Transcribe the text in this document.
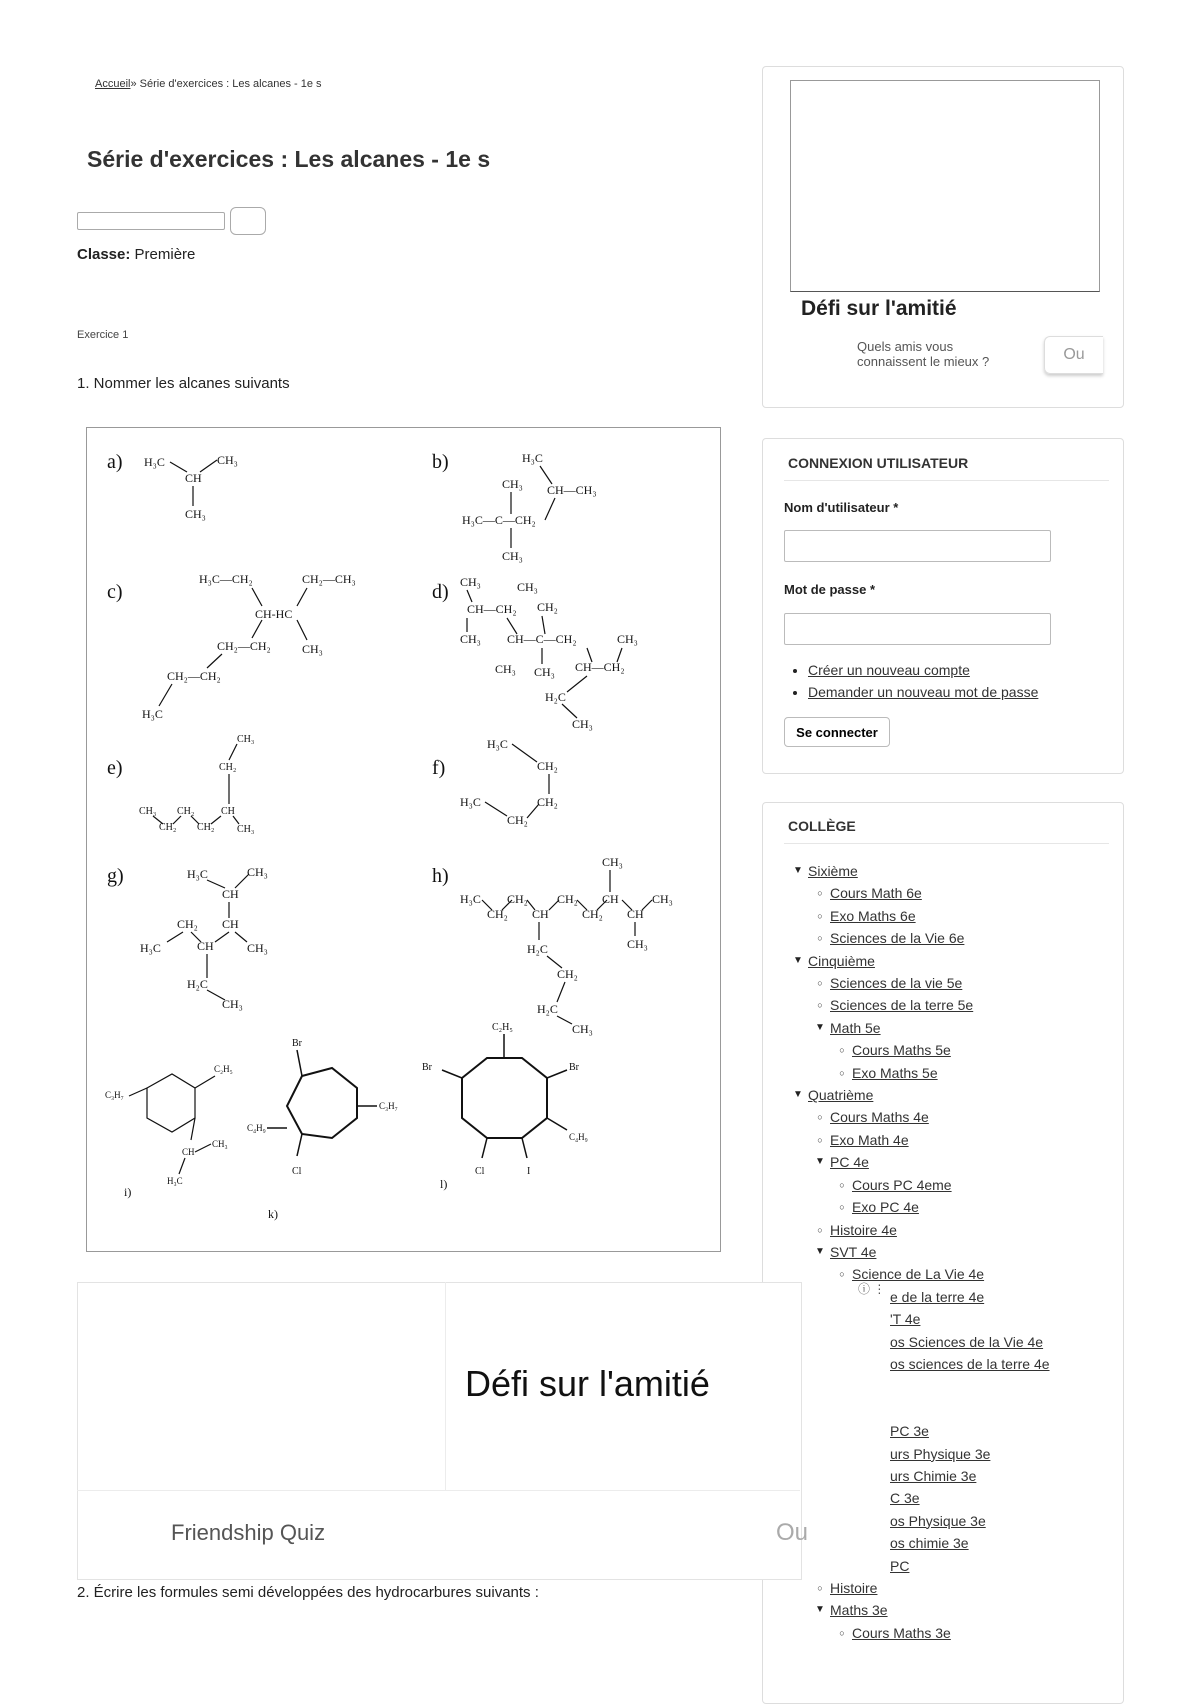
Accueil» Série d'exercices : Les alcanes - 1e s
Série d'exercices : Les alcanes - 1e s
Classe: Première
Exercice 1
1. Nommer les alcanes suivants
a)	b)
c)	d)
e)	f)
g)	h)
i)
k)
l)
H₃C	CH₃
CH
CH₃
H₃C
CH₃ CH—CH₃
H₃C—C—CH₂
CH₃
H₃C—CH₂	CH₂—CH₃
CH-HC
CH₃
CH₂—CH₂
CH₂—CH₂
H₃C
CH₃	CH₃
CH—CH₂ CH₂
CH₃ CH—C—CH₂	CH₃
CH₃ CH₃ CH—CH₂
H₂C
CH₃
CH₃
CH₂
CH₃ CH₂	CH
CH₂ CH₂ CH₃
H₃C
CH₂
H₃C	CH₂
CH₂
H₃C	CH₃
CH
CH₂ CH
H₃C	CH	CH₃
H₂C
CH₃
CH₃
H₃C CH₂ CH₂ CH	CH₃
CH₂ CH	CH₂ CH
H₂C	CH₃
CH₂
H₂C
CH₃
C₂H₅
C₃H₇
CH
CH₃
H₃C
Br
C₃H₇
C₄H₉
Cl
C₂H₅
Br	Br
C₄H₉
Cl	I
2. Écrire les formules semi développées des hydrocarbures suivants :
Défi sur l'amitié
Quels amis vous connaissent le mieux ?	Ou
CONNEXION UTILISATEUR
Nom d'utilisateur *
Mot de passe *
• Créer un nouveau compte
• Demander un nouveau mot de passe
Se connecter
COLLÈGE
▼ Sixième
○ Cours Math 6e
○ Exo Maths 6e
○ Sciences de la Vie 6e
▼ Cinquième
○ Sciences de la vie 5e
○ Sciences de la terre 5e
▼ Math 5e
○ Cours Maths 5e
○ Exo Maths 5e
▼ Quatrième
○ Cours Maths 4e
○ Exo Math 4e
▼ PC 4e
○ Cours PC 4eme
○ Exo PC 4e
○ Histoire 4e
▼ SVT 4e
○ Science de La Vie 4e
e de la terre 4e
'T 4e
os Sciences de la Vie 4e
os sciences de la terre 4e
PC 3e
urs Physique 3e
urs Chimie 3e
C 3e
os Physique 3e
os chimie 3e
PC
○ Histoire
▼ Maths 3e
○ Cours Maths 3e
Défi sur l'amitié
Friendship Quiz	Ou
ⓘ ⋮
